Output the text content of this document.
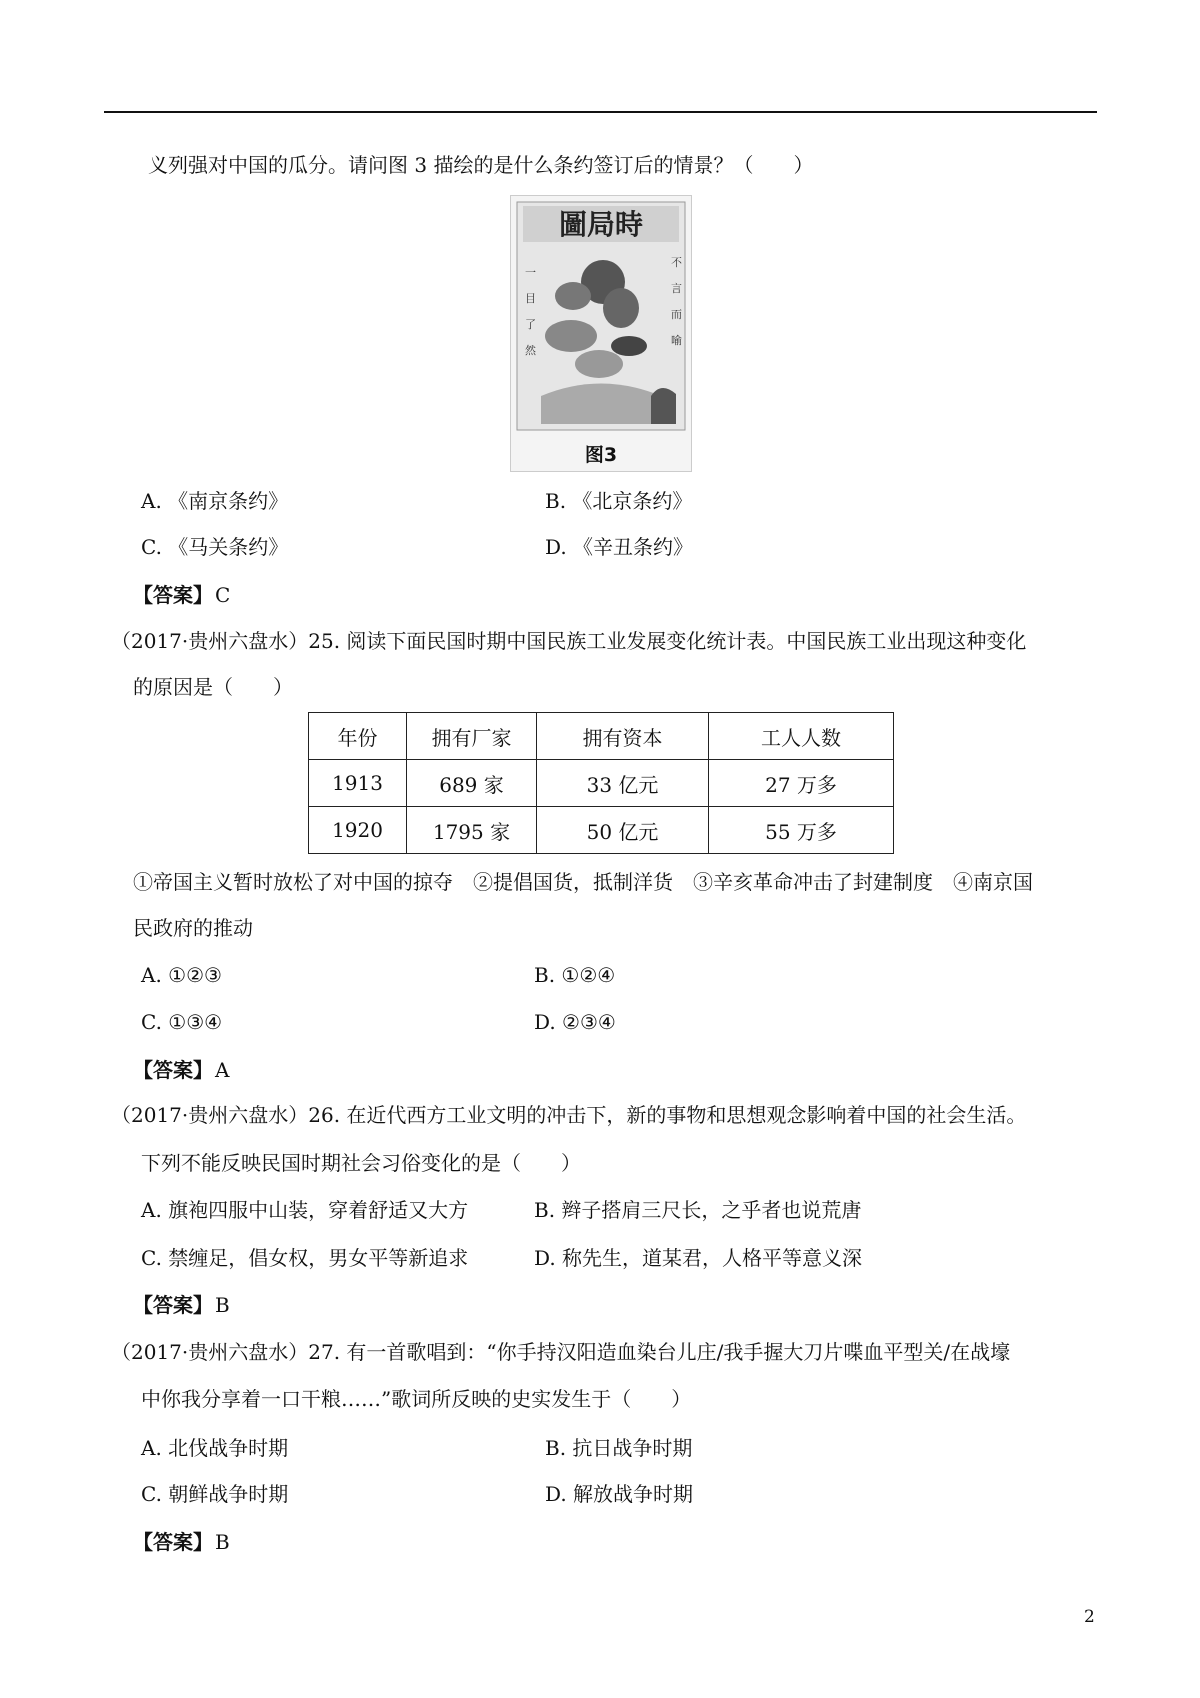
义列强对中国的瓜分。请问图 3 描绘的是什么条约签订后的情景？（　　）
圖局時
不言而喻
一目了然
图3
A. 《南京条约》	B. 《北京条约》
C. 《马关条约》	D. 《辛丑条约》
【答案】 C
（2017·贵州六盘水）25. 阅读下面民国时期中国民族工业发展变化统计表。中国民族工业出现这种变化
的原因是（　　）
年份	拥有厂家	拥有资本	工人人数
1913	689 家	33 亿元	27 万多
1920	1795 家	50 亿元	55 万多
①帝国主义暂时放松了对中国的掠夺　②提倡国货，抵制洋货　③辛亥革命冲击了封建制度　④南京国
民政府的推动
A. ①②③	B. ①②④
C. ①③④	D. ②③④
【答案】 A
（2017·贵州六盘水）26. 在近代西方工业文明的冲击下，新的事物和思想观念影响着中国的社会生活。
下列不能反映民国时期社会习俗变化的是（　　）
A. 旗袍四服中山装，穿着舒适又大方	B. 辫子搭肩三尺长，之乎者也说荒唐
C. 禁缠足，倡女权，男女平等新追求	D. 称先生，道某君，人格平等意义深
【答案】 B
（2017·贵州六盘水）27. 有一首歌唱到：“你手持汉阳造血染台儿庄/我手握大刀片喋血平型关/在战壕
中你我分享着一口干粮……”歌词所反映的史实发生于（　　）
A. 北伐战争时期	B. 抗日战争时期
C. 朝鲜战争时期	D. 解放战争时期
【答案】 B
2
